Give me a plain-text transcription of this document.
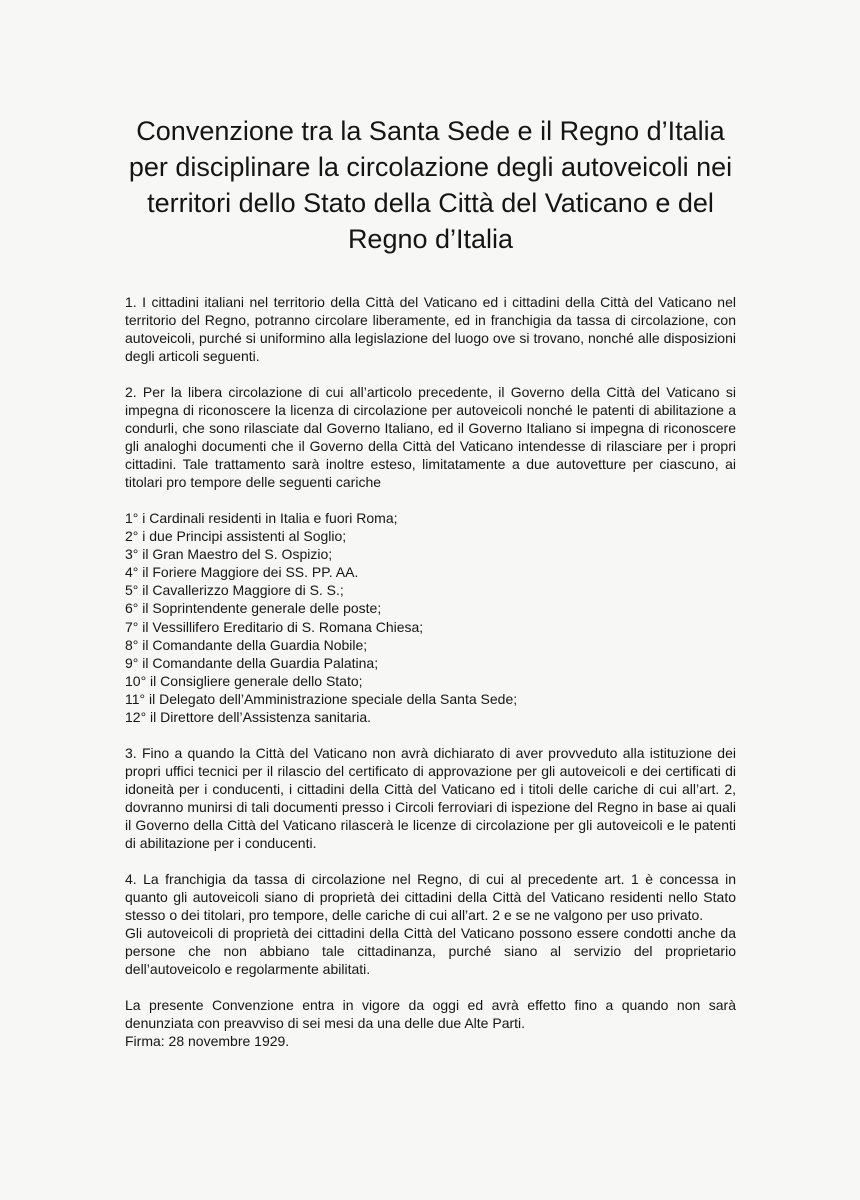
Convenzione tra la Santa Sede e il Regno d’Italia per disciplinare la circolazione degli autoveicoli nei territori dello Stato della Città del Vaticano e del Regno d’Italia

1. I cittadini italiani nel territorio della Città del Vaticano ed i cittadini della Città del Vaticano nel territorio del Regno, potranno circolare liberamente, ed in franchigia da tassa di circolazione, con autoveicoli, purché si uniformino alla legislazione del luogo ove si trovano, nonché alle disposizioni degli articoli seguenti.

2. Per la libera circolazione di cui all’articolo precedente, il Governo della Città del Vaticano si impegna di riconoscere la licenza di circolazione per autoveicoli nonché le patenti di abilitazione a condurli, che sono rilasciate dal Governo Italiano, ed il Governo Italiano si impegna di riconoscere gli analoghi documenti che il Governo della Città del Vaticano intendesse di rilasciare per i propri cittadini. Tale trattamento sarà inoltre esteso, limitatamente a due autovetture per ciascuno, ai titolari pro tempore delle seguenti cariche

1° i Cardinali residenti in Italia e fuori Roma;
2° i due Principi assistenti al Soglio;
3° il Gran Maestro del S. Ospizio;
4° il Foriere Maggiore dei SS. PP. AA.
5° il Cavallerizzo Maggiore di S. S.;
6° il Soprintendente generale delle poste;
7° il Vessillifero Ereditario di S. Romana Chiesa;
8° il Comandante della Guardia Nobile;
9° il Comandante della Guardia Palatina;
10° il Consigliere generale dello Stato;
11° il Delegato dell’Amministrazione speciale della Santa Sede;
12° il Direttore dell’Assistenza sanitaria.

3. Fino a quando la Città del Vaticano non avrà dichiarato di aver provveduto alla istituzione dei propri uffici tecnici per il rilascio del certificato di approvazione per gli autoveicoli e dei certificati di idoneità per i conducenti, i cittadini della Città del Vaticano ed i titoli delle cariche di cui all’art. 2, dovranno munirsi di tali documenti presso i Circoli ferroviari di ispezione del Regno in base ai quali il Governo della Città del Vaticano rilascerà le licenze di circolazione per gli autoveicoli e le patenti di abilitazione per i conducenti.

4. La franchigia da tassa di circolazione nel Regno, di cui al precedente art. 1 è concessa in quanto gli autoveicoli siano di proprietà dei cittadini della Città del Vaticano residenti nello Stato stesso o dei titolari, pro tempore, delle cariche di cui all’art. 2 e se ne valgono per uso privato.
Gli autoveicoli di proprietà dei cittadini della Città del Vaticano possono essere condotti anche da persone che non abbiano tale cittadinanza, purché siano al servizio del proprietario dell’autoveicolo e regolarmente abilitati.

La presente Convenzione entra in vigore da oggi ed avrà effetto fino a quando non sarà denunziata con preavviso di sei mesi da una delle due Alte Parti.
Firma: 28 novembre 1929.
